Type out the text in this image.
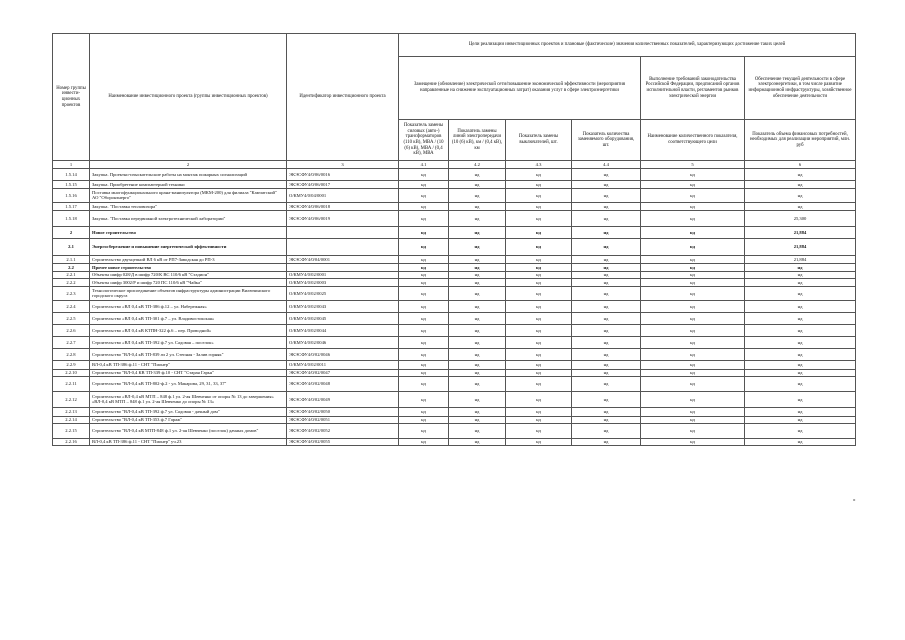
Номер группы инвести-ционных проектов	Наименование инвестиционного проекта (группы инвестиционных проектов)	Идентификатор инвестиционного проекта	Цели реализации инвестиционных проектов и плановые (фактические) значения количественных показателей, характеризующих достижение таких целей					
			Замещение (обновление) электрической сети/повышение экономической эффективности (мероприятия направленные на снижение эксплуатационных затрат) оказания услуг в сфере электроэнергетики				Выполнение требований законодательства Российской Федерации, предписаний органов исполнительной власти, регламентов рынков электрической энергии	Обеспечение текущей деятельности в сфере электроэнергетики, в том числе развитие информационной инфраструктуры, хозяйственное обеспечение деятельности
			Показатель замены силовых (авто-) трансформаторов (110 кВ), МВА / (10 (6) кВ), МВА / (0,4 кВ), МВА	Показатель замены линий электропередачи (10 (6) кВ), км / (0,4 кВ), км	Показатель замены выключателей, шт.	Показатель количества заменяемого оборудования, шт.	Наименование количественного показателя, соответствующего цели	Показатель объема финансовых потребностей, необходимых для реализации мероприятий, млн. руб
1	2	3	4.1	4.2	4.3	4.4	5	6
1.5.14	Закупка. Проектно-изыскательские работы на монтаж пожарных сигнализаций	ЭКЭСФУ4/0/06/0016	нд	нд	нд	нд	нд	нд
1.5.15	Закупка. Приобретение компьютерной техники	ЭКЭСФУ4/0/06/0017	нд	нд	нд	нд	нд	нд
1.5.16	Поставка многофункционального крана-манипулятора (МКМ-200) для филиала "Камчатский" АО "Оборонэнерго"	О/КМУ4/0/04/0001	нд	нд	нд	нд	нд	нд
1.5.17	Закупка. "Поставка тепловизора"	ЭКЭСФУ4/0/06/0018	нд	нд	нд	нд	нд	нд
1.5.18	Закупка. "Поставка передвижной электротехнической лаборатории"	ЭКЭСФУ4/0/06/0019	нд	нд	нд	нд	нд	25,300
2	Новое строительство		нд	нд	нд	нд	нд	21,884
2.1	Энергосбережение и повышение энергетической эффективности		нд	нд	нд	нд	нд	21,884
2.1.1	Строительство двухцепной ВЛ 6 кВ от РП7-Заводская до РП-3	ЭКЭСФУ4/0/04/0001	нд	нд	нд	нд	нд	21,884
2.2	Прочее новое строительство		нд	нд	нд	нд	нд	нд
2.2.1	Объекты шифр 028/Д в шифр 720/К ВС 110/6 кВ "Стадион"	О/КМУ4/0/02/0001	нд	нд	нд	нд	нд	нд
2.2.2	Объекты шифр 3002/Р и шифр 720 ПС 110/6 кВ "Чайка"	О/КМУ4/0/02/0003	нд	нд	нд	нд	нд	нд
2.2.3	Технологическое присоединение объектов инфраструктуры администрации Вилючинского городского округа	О/КМУ4/0/02/0025	нд	нд	нд	нд	нд	нд
2.2.4	Строительство «ВЛ 0,4 кВ ТП-386 ф.12 – ул. Набережная»	О/КМУ4/0/02/0043	нд	нд	нд	нд	нд	нд
2.2.5	Строительство «ВЛ 0,4 кВ ТП-301 ф.7 – ул. Владивостокская»	О/КМУ4/0/02/0045	нд	нд	нд	нд	нд	нд
2.2.6	Строительство «ВЛ 0,4 кВ КТПН-322 ф.6 – пер. Проводной»	О/КМУ4/0/02/0044	нд	нд	нд	нд	нд	нд
2.2.7	Строительство «ВЛ 0,4 кВ ТП-392 ф.7 ул. Садовая – поселок»	О/КМУ4/0/02/0046	нд	нд	нд	нд	нд	нд
2.2.8	Строительство "ВЛ-0,4 кВ ТП-839 ач 2 ул. Степная - Залив горняк"	ЭКЭСФУ4/0/02/0046	нд	нд	нд	нд	нд	нд
2.2.9	ВЛ-0,4 кВ ТП-386 ф.11 - СНТ "Пионер"	О/КМУ4/0/02/0011	нд	нд	нд	нд	нд	нд
2.2.10	Строительство "ВЛ-0,4 КВ ТП-339 ф.10 - СНТ "Старая Гарья"	ЭКЭСФУ4/0/02/0047	нд	нд	нд	нд	нд	нд
2.2.11	Строительство "ВЛ-0,4 кВ ТП-802-ф.2 - ул. Макарова, 29, 31, 33, 37"	ЭКЭСФУ4/0/02/0048	нд	нд	нд	нд	нд	нд
2.2.12	Строительство «ВЛ-0,4 кВ МТП – 848 ф.1 ул. 2-ая Шевченко от опоры № 13 до завершения» «ВЛ-0,4 кВ МТП – 848 ф.1 ул. 2-ая Шевченко до опоры № 13»	ЭКЭСФУ4/0/02/0049	нд	нд	нд	нд	нд	нд
2.2.13	Строительство "ВЛ-0,4 кВ ТП-392 ф.7 ул. Садовая - дачный дом"	ЭКЭСФУ4/0/02/0050	нд	нд	нд	нд	нд	нд
2.2.14	Строительство "ВЛ-0,4 кВ ТП-353 ф.7 Гараж"	ЭКЭСФУ4/0/02/0051	нд	нд	нд	нд	нд	нд
2.2.15	Строительство "ВЛ-0,4 кВ МТП-848 ф.1 ул. 2-ая Шевченко (поселок) дачных домов"	ЭКЭСФУ4/0/02/0052	нд	нд	нд	нд	нд	нд
2.2.16	ВЛ-0,4 кВ ТП-386 ф.11 - СНТ "Пионер" уч.23	ЭКЭСФУ4/0/02/0055	нд	нд	нд	нд	нд	нд
»
